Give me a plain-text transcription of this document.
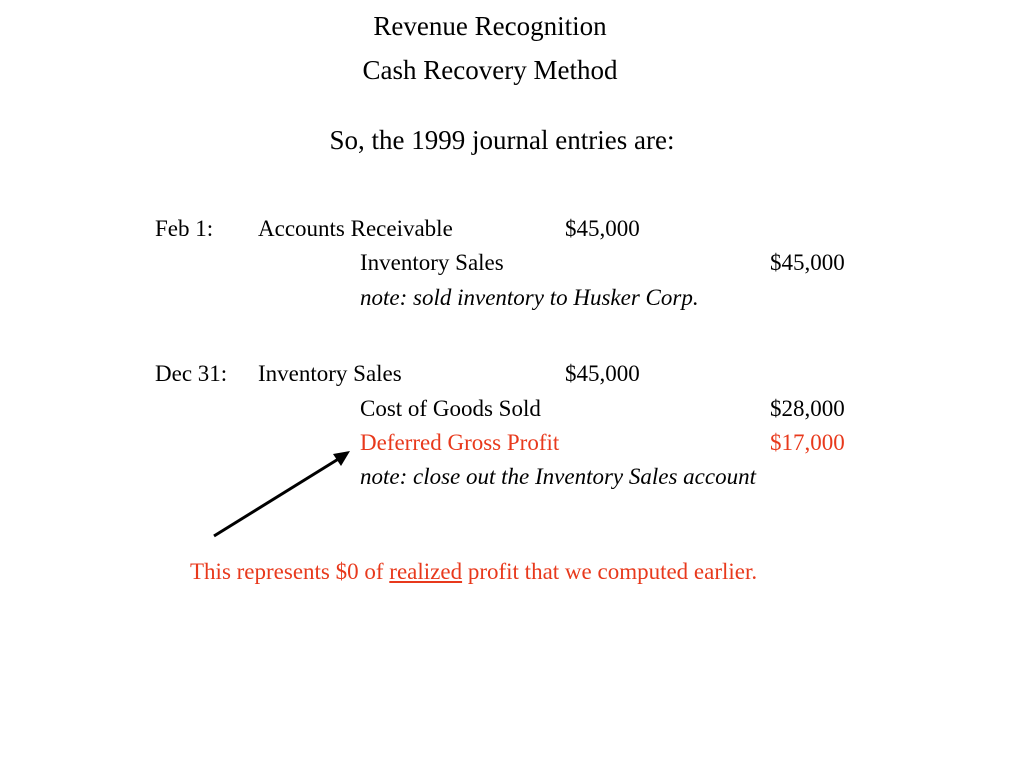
Revenue Recognition
Cash Recovery Method
So, the 1999 journal entries are:
Feb 1: Accounts Receivable	$45,000
Inventory Sales	$45,000
note: sold inventory to Husker Corp.
Dec 31: Inventory Sales	$45,000
Cost of Goods Sold	$28,000
Deferred Gross Profit	$17,000
note: close out the Inventory Sales account
This represents $0 of realized profit that we computed earlier.
